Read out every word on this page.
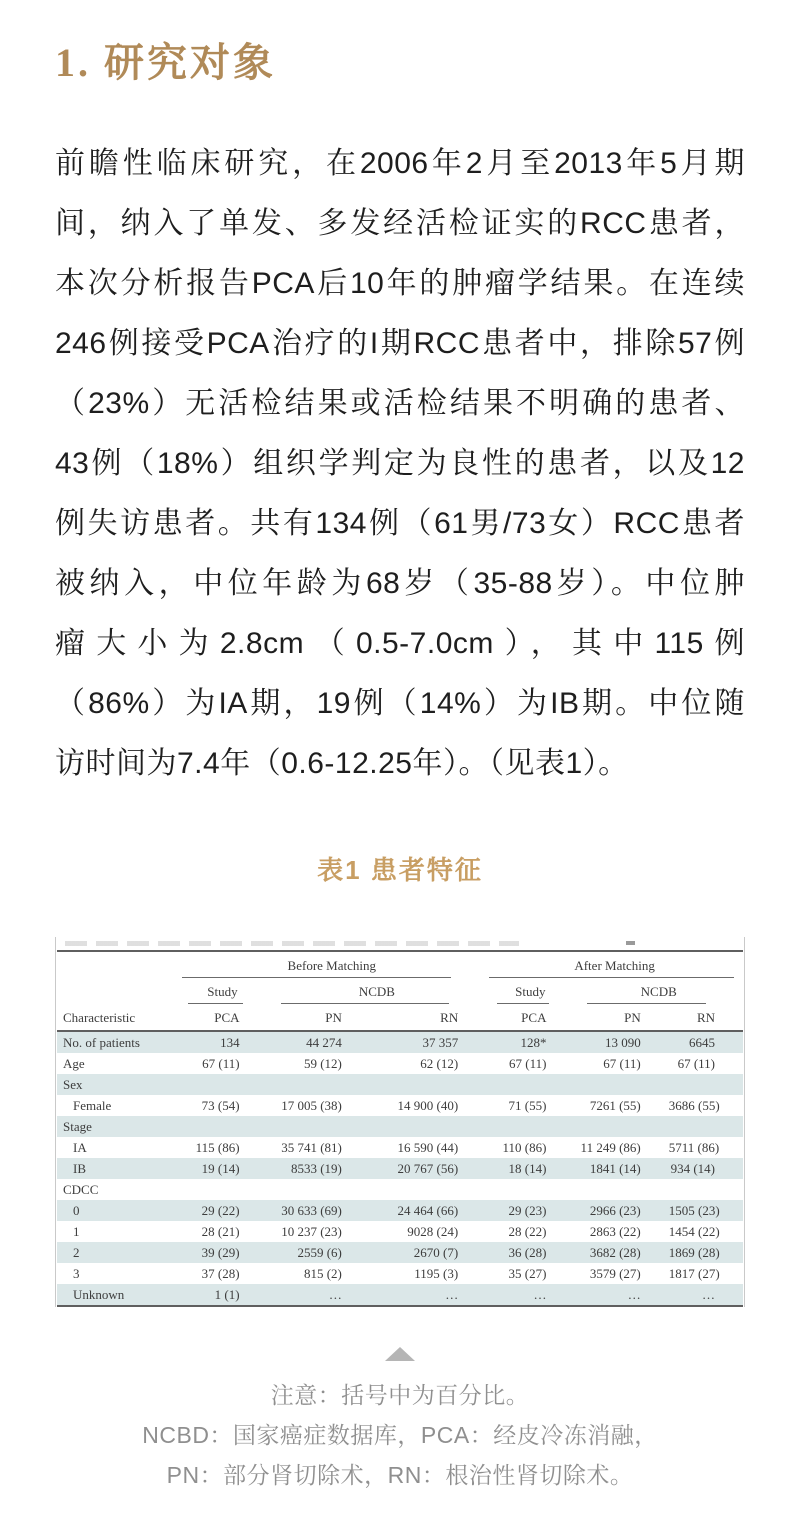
1. 研究对象
前瞻性临床研究，在2006年2月至2013年5月期
间，纳入了单发、多发经活检证实的RCC患者，
本次分析报告PCA后10年的肿瘤学结果。在连续
246例接受PCA治疗的I期RCC患者中，排除57例
（23%）无活检结果或活检结果不明确的患者、
43例（18%）组织学判定为良性的患者，以及12
例失访患者。共有134例（61男/73女）RCC患者
被纳入，中位年龄为68岁（35-88岁）。中位肿
瘤大小为2.8cm（0.5-7.0cm），其中115例
（86%）为IA期，19例（14%）为IB期。中位随
访时间为7.4年（0.6-12.25年）。（见表1）。
表1 患者特征

	Before Matching			After Matching		

	Study	NCDB		Study	NCDB	

Characteristic	PCA	PN	RN	PCA	PN	RN
No. of patients	134	44 274	37 357	128*	13 090	6645
Age	67 (11)	59 (12)	62 (12)	67 (11)	67 (11)	67 (11)
Sex						
Female	73 (54)	17 005 (38)	14 900 (40)	71 (55)	7261 (55)	3686 (55)
Stage						
IA	115 (86)	35 741 (81)	16 590 (44)	110 (86)	11 249 (86)	5711 (86)
IB	19 (14)	8533 (19)	20 767 (56)	18 (14)	1841 (14)	934 (14)
CDCC						
0	29 (22)	30 633 (69)	24 464 (66)	29 (23)	2966 (23)	1505 (23)
1	28 (21)	10 237 (23)	9028 (24)	28 (22)	2863 (22)	1454 (22)
2	39 (29)	2559 (6)	2670 (7)	36 (28)	3682 (28)	1869 (28)
3	37 (28)	815 (2)	1195 (3)	35 (27)	3579 (27)	1817 (27)
Unknown	1 (1)	…	…	…	…	…
注意：括号中为百分比。
NCBD：国家癌症数据库，PCA：经皮冷冻消融，
PN：部分肾切除术，RN：根治性肾切除术。
